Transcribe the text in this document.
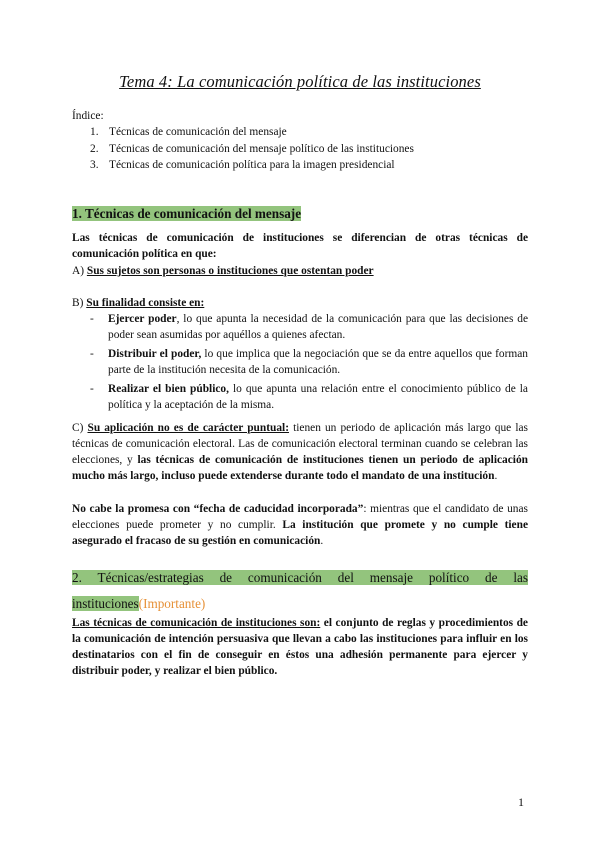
Tema 4: La comunicación política de las instituciones
Índice:
1. Técnicas de comunicación del mensaje
2. Técnicas de comunicación del mensaje político de las instituciones
3. Técnicas de comunicación política para la imagen presidencial
1. Técnicas de comunicación del mensaje
Las técnicas de comunicación de instituciones se diferencian de otras técnicas de comunicación política en que:
A) Sus sujetos son personas o instituciones que ostentan poder
B) Su finalidad consiste en:
- Ejercer poder, lo que apunta la necesidad de la comunicación para que las decisiones de poder sean asumidas por aquéllos a quienes afectan.
- Distribuir el poder, lo que implica que la negociación que se da entre aquellos que forman parte de la institución necesita de la comunicación.
- Realizar el bien público, lo que apunta una relación entre el conocimiento público de la política y la aceptación de la misma.
C) Su aplicación no es de carácter puntual: tienen un periodo de aplicación más largo que las técnicas de comunicación electoral. Las de comunicación electoral terminan cuando se celebran las elecciones, y las técnicas de comunicación de instituciones tienen un periodo de aplicación mucho más largo, incluso puede extenderse durante todo el mandato de una institución.
No cabe la promesa con “fecha de caducidad incorporada”: mientras que el candidato de unas elecciones puede prometer y no cumplir. La institución que promete y no cumple tiene asegurado el fracaso de su gestión en comunicación.
2. Técnicas/estrategias de comunicación del mensaje político de las instituciones(Importante)
Las técnicas de comunicación de instituciones son: el conjunto de reglas y procedimientos de la comunicación de intención persuasiva que llevan a cabo las instituciones para influir en los destinatarios con el fin de conseguir en éstos una adhesión permanente para ejercer y distribuir poder, y realizar el bien público.
1
